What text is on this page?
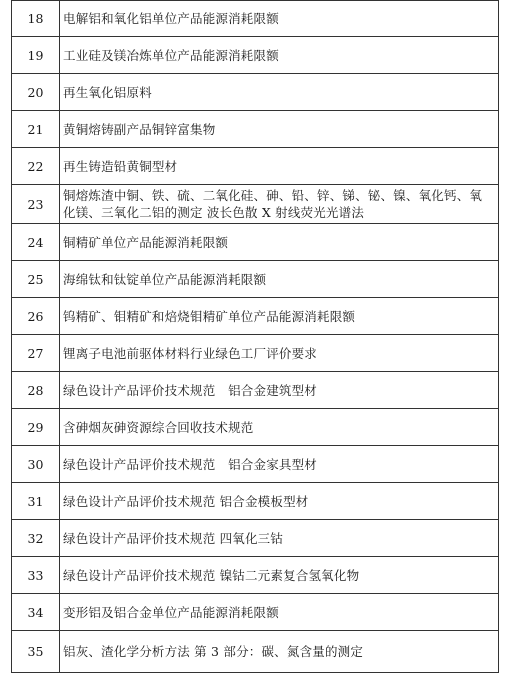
18	电解铝和氧化铝单位产品能源消耗限额
19	工业硅及镁冶炼单位产品能源消耗限额
20	再生氧化铝原料
21	黄铜熔铸副产品铜锌富集物
22	再生铸造铅黄铜型材
23	铜熔炼渣中铜、铁、硫、二氧化硅、砷、铅、锌、锑、铋、镍、氧化钙、氧化镁、三氧化二铝的测定 波长色散 X 射线荧光光谱法
24	铜精矿单位产品能源消耗限额
25	海绵钛和钛锭单位产品能源消耗限额
26	钨精矿、钼精矿和焙烧钼精矿单位产品能源消耗限额
27	锂离子电池前驱体材料行业绿色工厂评价要求
28	绿色设计产品评价技术规范　铝合金建筑型材
29	含砷烟灰砷资源综合回收技术规范
30	绿色设计产品评价技术规范　铝合金家具型材
31	绿色设计产品评价技术规范 铝合金模板型材
32	绿色设计产品评价技术规范 四氧化三钴
33	绿色设计产品评价技术规范 镍钴二元素复合氢氧化物
34	变形铝及铝合金单位产品能源消耗限额
35	铝灰、渣化学分析方法 第 3 部分：碳、氮含量的测定
